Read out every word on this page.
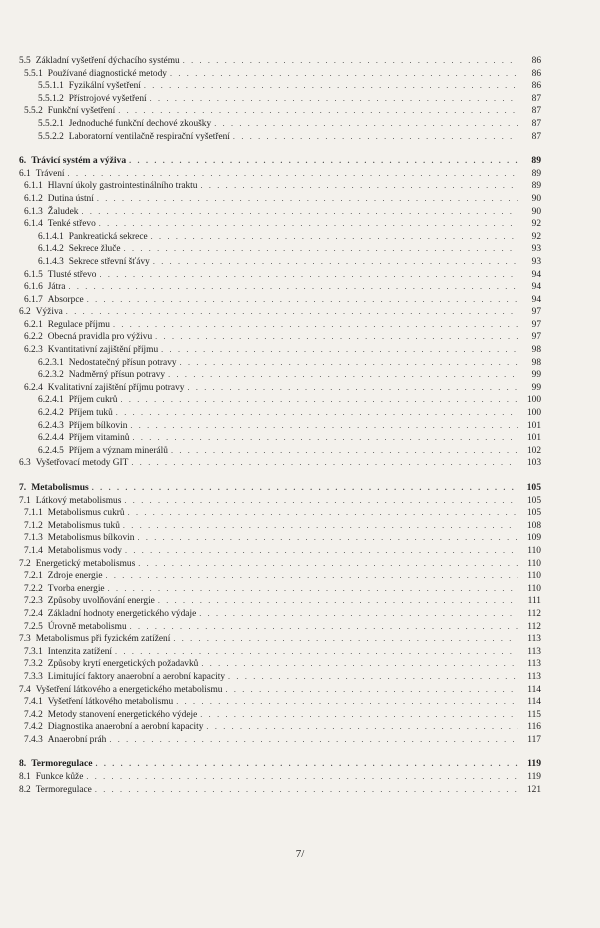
5.5 Základní vyšetření dýchacího systému . . .	86
5.5.1 Používané diagnostické metody . . .	86
5.5.1.1 Fyzikální vyšetření . . .	86
5.5.1.2 Přístrojové vyšetření . . .	87
5.5.2 Funkční vyšetření . . .	87
5.5.2.1 Jednoduché funkční dechové zkoušky . . .	87
5.5.2.2 Laboratorní ventilačně respirační vyšetření . . .	87
6. Trávicí systém a výživa . . .	89
6.1 Trávení . . .	89
6.1.1 Hlavní úkoly gastrointestinálního traktu . . .	89
6.1.2 Dutina ústní . . .	90
6.1.3 Žaludek . . .	90
6.1.4 Tenké střevo . . .	92
6.1.4.1 Pankreatická sekrece . . .	92
6.1.4.2 Sekrece žluče . . .	93
6.1.4.3 Sekrece střevní šťávy . . .	93
6.1.5 Tlusté střevo . . .	94
6.1.6 Játra . . .	94
6.1.7 Absorpce . . .	94
6.2 Výživa . . .	97
6.2.1 Regulace příjmu . . .	97
6.2.2 Obecná pravidla pro výživu . . .	97
6.2.3 Kvantitativní zajištění příjmu . . .	98
6.2.3.1 Nedostatečný přísun potravy . . .	98
6.2.3.2 Nadměrný přísun potravy . . .	99
6.2.4 Kvalitativní zajištění příjmu potravy . . .	99
6.2.4.1 Příjem cukrů . . .	100
6.2.4.2 Příjem tuků . . .	100
6.2.4.3 Příjem bílkovin . . .	101
6.2.4.4 Příjem vitaminů . . .	101
6.2.4.5 Příjem a význam minerálů . . .	102
6.3 Vyšetřovací metody GIT . . .	103
7. Metabolismus . . .	105
7.1 Látkový metabolismus . . .	105
7.1.1 Metabolismus cukrů . . .	105
7.1.2 Metabolismus tuků . . .	108
7.1.3 Metabolismus bílkovin . . .	109
7.1.4 Metabolismus vody . . .	110
7.2 Energetický metabolismus . . .	110
7.2.1 Zdroje energie . . .	110
7.2.2 Tvorba energie . . .	110
7.2.3 Způsoby uvolňování energie . . .	111
7.2.4 Základní hodnoty energetického výdaje . . .	112
7.2.5 Úrovně metabolismu . . .	112
7.3 Metabolismus při fyzickém zatížení . . .	113
7.3.1 Intenzita zatížení . . .	113
7.3.2 Způsoby krytí energetických požadavků . . .	113
7.3.3 Limitující faktory anaerobní a aerobní kapacity . . .	113
7.4 Vyšetření látkového a energetického metabolismu . . .	114
7.4.1 Vyšetření látkového metabolismu . . .	114
7.4.2 Metody stanovení energetického výdeje . . .	115
7.4.2 Diagnostika anaerobní a aerobní kapacity . . .	116
7.4.3 Anaerobní práh . . .	117
8. Termoregulace . . .	119
8.1 Funkce kůže . . .	119
8.2 Termoregulace . . .	121
7/
